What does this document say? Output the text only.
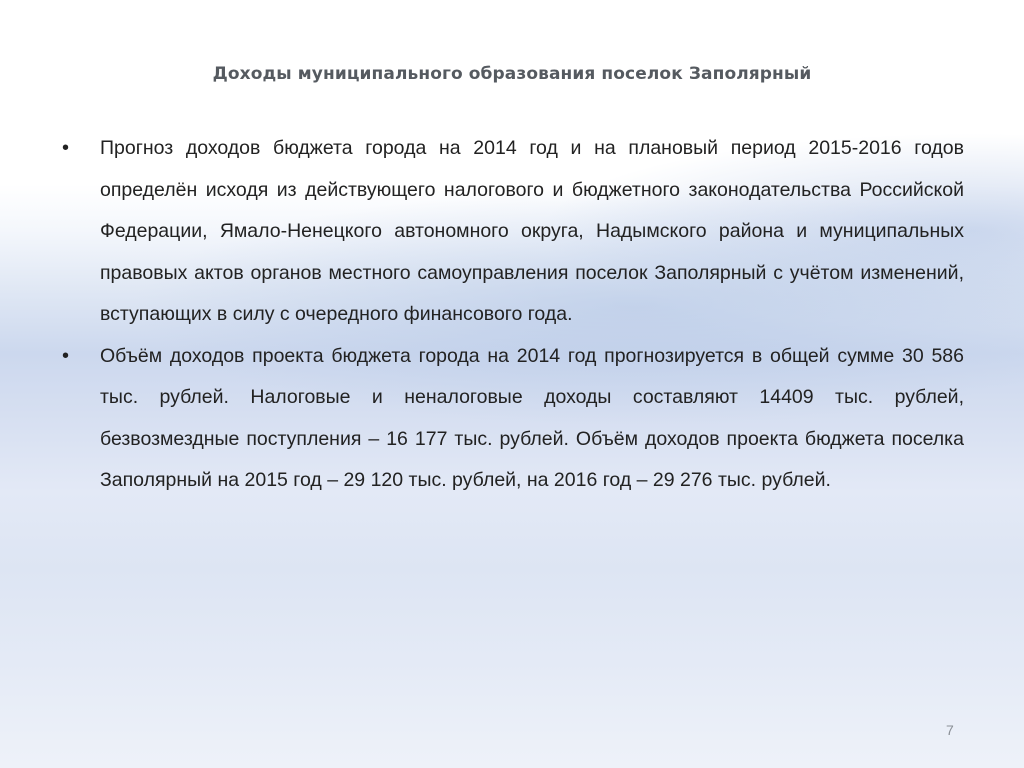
Доходы муниципального образования поселок Заполярный
•	Прогноз доходов бюджета города на 2014 год и на плановый период 2015-2016 годов определён исходя из действующего налогового и бюджетного законодательства Российской Федерации, Ямало-Ненецкого автономного округа, Надымского района и муниципальных правовых актов органов местного самоуправления поселок Заполярный с учётом изменений, вступающих в силу с очередного финансового года.
•	Объём доходов проекта бюджета города на 2014 год прогнозируется в общей сумме 30 586 тыс. рублей. Налоговые и неналоговые доходы составляют 14409 тыс. рублей, безвозмездные поступления – 16 177 тыс. рублей. Объём доходов проекта бюджета поселка Заполярный на 2015 год – 29 120 тыс. рублей, на 2016 год – 29 276 тыс. рублей.
7
